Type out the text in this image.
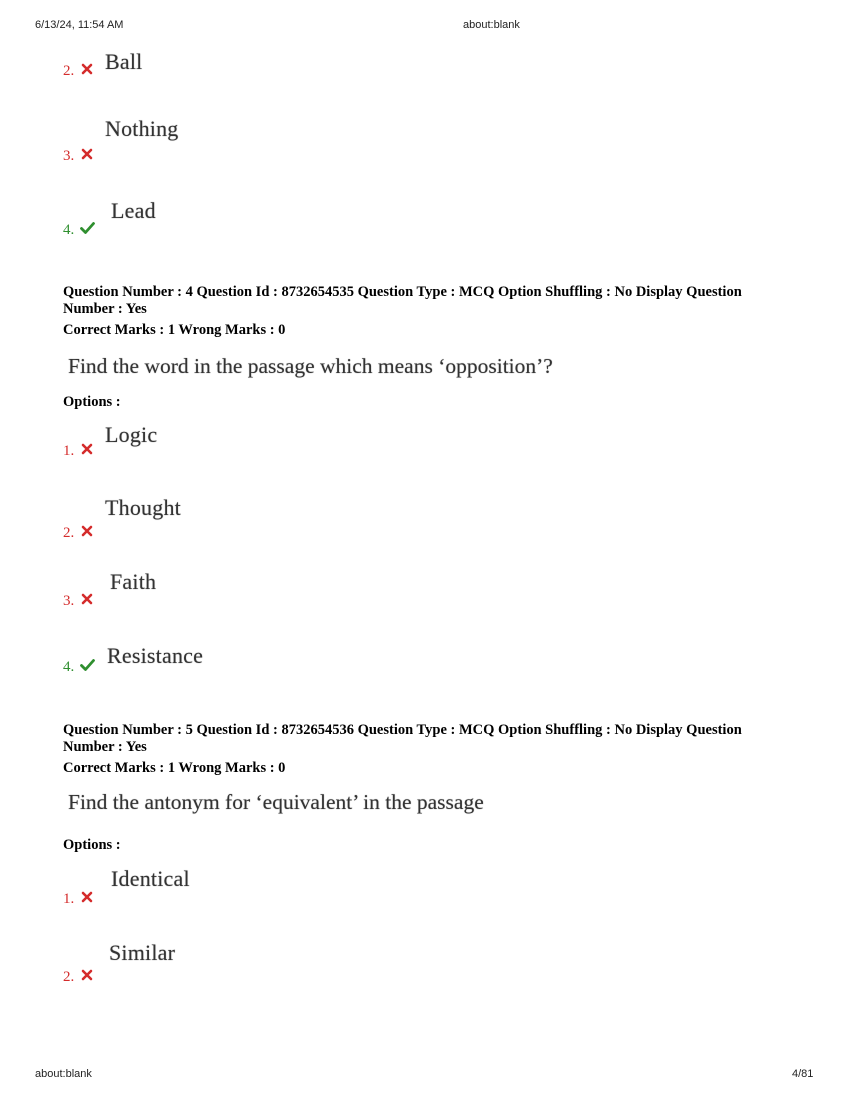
6/13/24, 11:54 AM	about:blank
2. Ball
3.
Nothing
4.
Lead
Question Number : 4 Question Id : 8732654535 Question Type : MCQ Option Shuffling : No Display Question
Number : Yes
Correct Marks : 1 Wrong Marks : 0
Find the word in the passage which means ‘opposition’?
Options :
1.
Logic
2.
Thought
3.
Faith
4. Resistance
Question Number : 5 Question Id : 8732654536 Question Type : MCQ Option Shuffling : No Display Question
Number : Yes
Correct Marks : 1 Wrong Marks : 0
Find the antonym for ‘equivalent’ in the passage
Options :
1.
Identical
2.
Similar
about:blank	4/81
